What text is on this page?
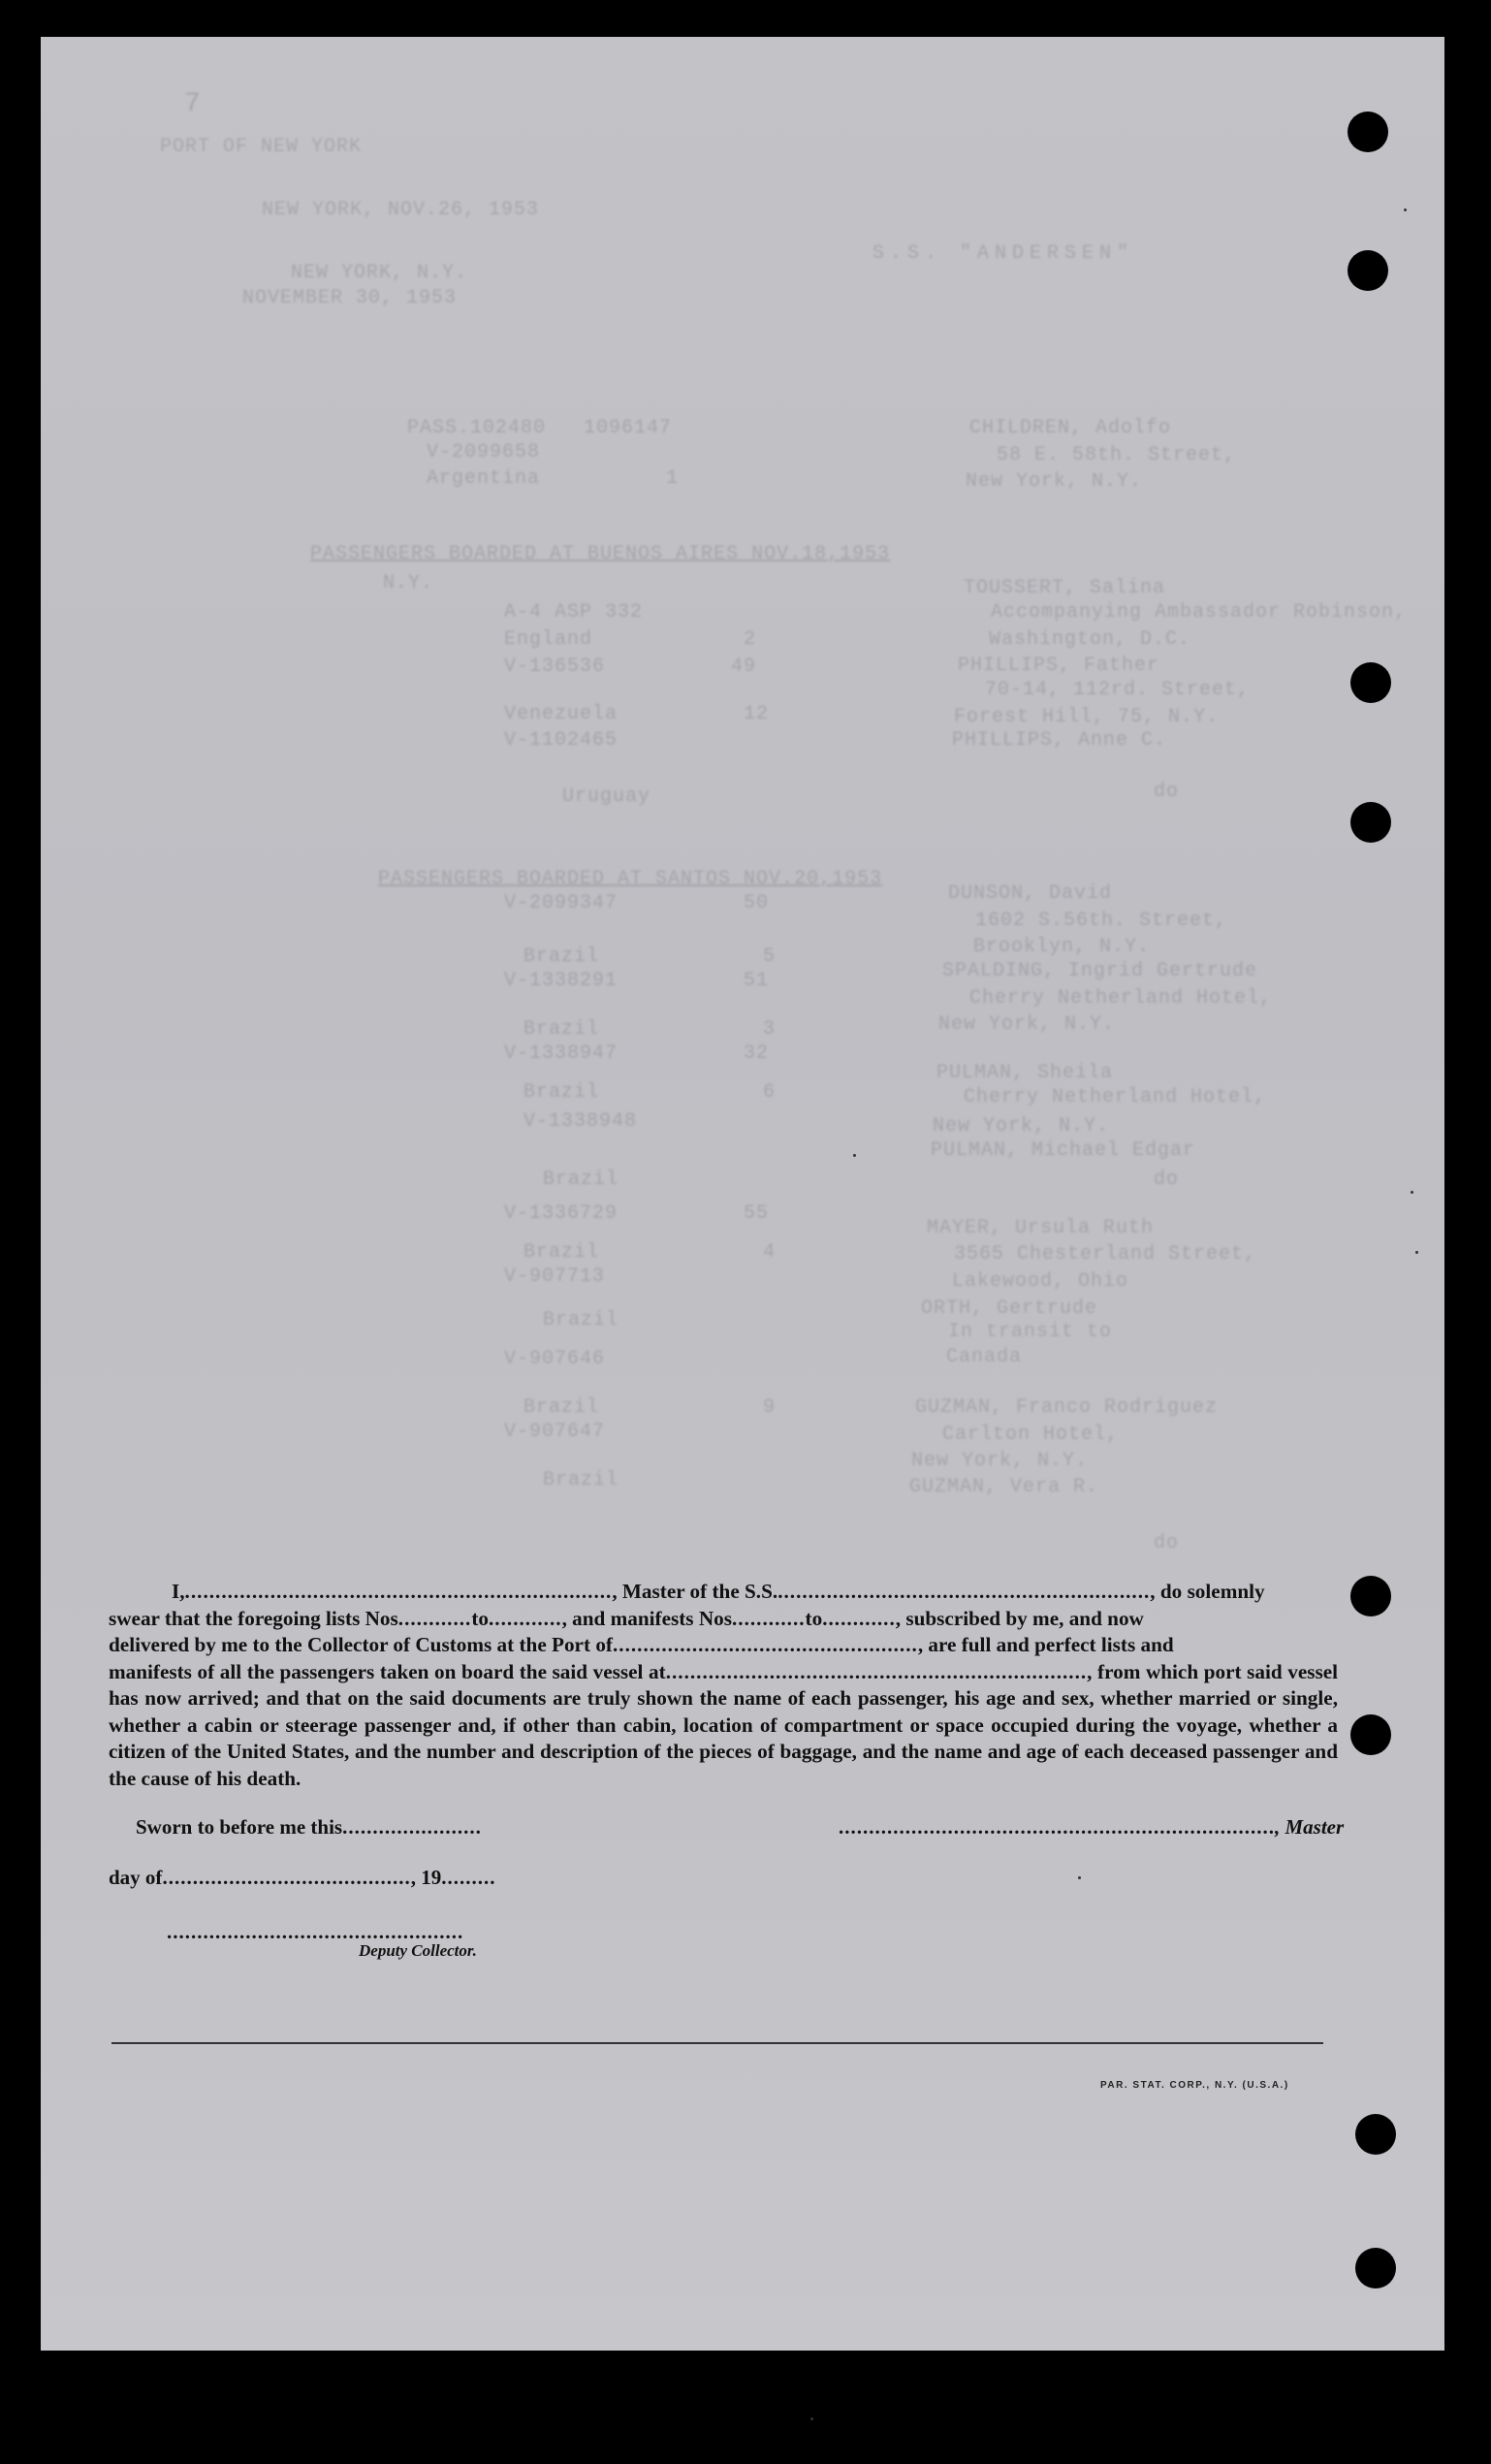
7
PORT OF NEW YORK
NEW YORK, NOV.26, 1953
S.S. "ANDERSEN"
NEW YORK, N.Y.
NOVEMBER 30, 1953
I,......................................................................, Master of the S.S.............................................................., do solemnly
swear that the foregoing lists Nos............to............, and manifests Nos............to............, subscribed by me, and now
delivered by me to the Collector of Customs at the Port of.................................................., are full and perfect lists and
manifests of all the passengers taken on board the said vessel at....................................................................., from which port said vessel has now arrived; and that on the said documents are truly shown the name of each passenger, his age and sex, whether married or single, whether a cabin or steerage passenger and, if other than cabin, location of compartment or space occupied during the voyage, whether a citizen of the United States, and the number and description of the pieces of baggage, and the name and age of each deceased passenger and the cause of his death.
Sworn to before me this.......................	........................................................................, Master
day of........................................., 19.........
.................................................
Deputy Collector.
PAR. STAT. CORP., N.Y. (U.S.A.)
PASS.102480   1096147
V-2099658
Argentina          1
PASSENGERS BOARDED AT BUENOS AIRES NOV.18,1953
N.Y.
A-4 ASP 332
England            2
V-136536          49
Venezuela          12
V-1102465
Uruguay
PASSENGERS BOARDED AT SANTOS NOV.20,1953
V-2099347          50
Brazil             5
V-1338291          51
Brazil             3
V-1338947          32
Brazil             6
V-1338948
Brazil
V-1336729          55
Brazil             4
V-907713
Brazil
V-907646
Brazil             9
V-907647
Brazil
CHILDREN, Adolfo
58 E. 58th. Street,
New York, N.Y.
TOUSSERT, Salina
Accompanying Ambassador Robinson,
Washington, D.C.
PHILLIPS, Father
70-14, 112rd. Street,
Forest Hill, 75, N.Y.
PHILLIPS, Anne C.
do
DUNSON, David
1602 S.56th. Street,
Brooklyn, N.Y.
SPALDING, Ingrid Gertrude
Cherry Netherland Hotel,
New York, N.Y.
PULMAN, Sheila
Cherry Netherland Hotel,
New York, N.Y.
PULMAN, Michael Edgar
do
MAYER, Ursula Ruth
3565 Chesterland Street,
Lakewood, Ohio
ORTH, Gertrude
In transit to
Canada
GUZMAN, Franco Rodriguez
Carlton Hotel,
New York, N.Y.
GUZMAN, Vera R.
do
